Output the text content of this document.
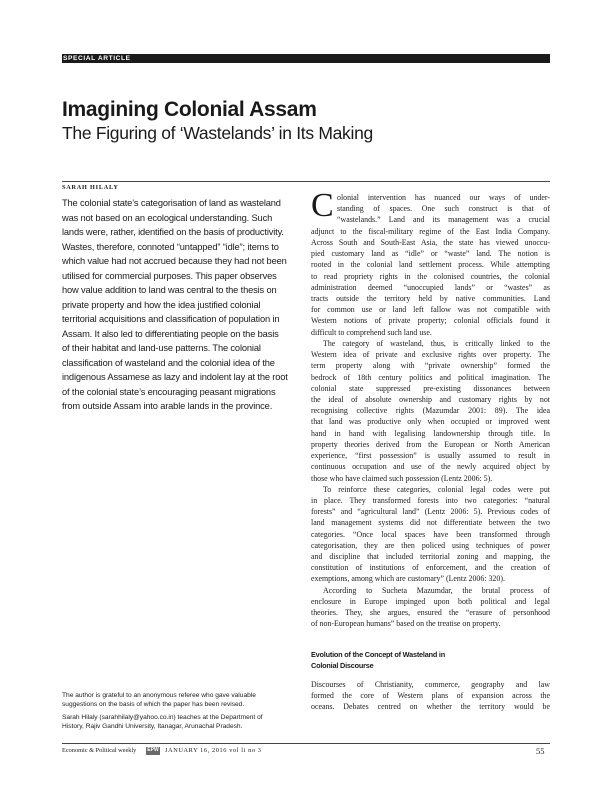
SPECIAL ARTICLE
Imagining Colonial Assam
The Figuring of ‘Wastelands’ in Its Making
SARAH HILALY
The colonial state’s categorisation of land as wasteland
was not based on an ecological understanding. Such
lands were, rather, identified on the basis of productivity.
Wastes, therefore, connoted “untapped” “idle”; items to
which value had not accrued because they had not been
utilised for commercial purposes. This paper observes
how value addition to land was central to the thesis on
private property and how the idea justified colonial
territorial acquisitions and classification of population in
Assam. It also led to differentiating people on the basis
of their habitat and land-use patterns. The colonial
classification of wasteland and the colonial idea of the
indigenous Assamese as lazy and indolent lay at the root
of the colonial state’s encouraging peasant migrations
from outside Assam into arable lands in the province.

The author is grateful to an anonymous referee who gave valuable
suggestions on the basis of which the paper has been revised.

Sarah Hilaly (sarahhilaly@yahoo.co.in) teaches at the Department of
History, Rajiv Gandhi University, Itanagar, Arunachal Pradesh.

C olonial intervention has nuanced our ways of under-
standing of spaces. One such construct is that of
“wastelands.” Land and its management was a crucial

adjunct to the fiscal-military regime of the East India Company.
Across South and South-East Asia, the state has viewed unoccu-
pied customary land as “idle” or “waste” land. The notion is
rooted in the colonial land settlement process. While attempting
to read propriety rights in the colonised countries, the colonial
administration deemed “unoccupied lands” or “wastes” as
tracts outside the territory held by native communities. Land
for common use or land left fallow was not compatible with
Western notions of private property; colonial officials found it
difficult to comprehend such land use.

The category of wasteland, thus, is critically linked to the
Western idea of private and exclusive rights over property. The
term property along with “private ownership” formed the
bedrock of 18th century politics and political imagination. The
colonial state suppressed pre-existing dissonances between
the ideal of absolute ownership and customary rights by not
recognising collective rights (Mazumdar 2001: 89). The idea
that land was productive only when occupied or improved went
hand in hand with legalising landownership through title. In
property theories derived from the European or North American
experience, “first possession” is usually assumed to result in
continuous occupation and use of the newly acquired object by
those who have claimed such possession (Lentz 2006: 5).

To reinforce these categories, colonial legal codes were put
in place. They transformed forests into two categories: “natural
forests” and “agricultural land” (Lentz 2006: 5). Previous codes of
land management systems did not differentiate between the two
categories. “Once local spaces have been transformed through
categorisation, they are then policed using techniques of power
and discipline that included territorial zoning and mapping, the
constitution of institutions of enforcement, and the creation of
exemptions, among which are customary” (Lentz 2006: 320).

According to Sucheta Mazumdar, the brutal process of
enclosure in Europe impinged upon both political and legal
theories. They, she argues, ensured the “erasure of personhood
of non-European humans” based on the treatise on property.

Evolution of the Concept of Wasteland in
Colonial Discourse
Discourses of Christianity, commerce, geography and law
formed the core of Western plans of expansion across the
oceans. Debates centred on whether the territory would be
Economic & Political weekly EPW JANUARY 16, 2016 vol li no 3	55
